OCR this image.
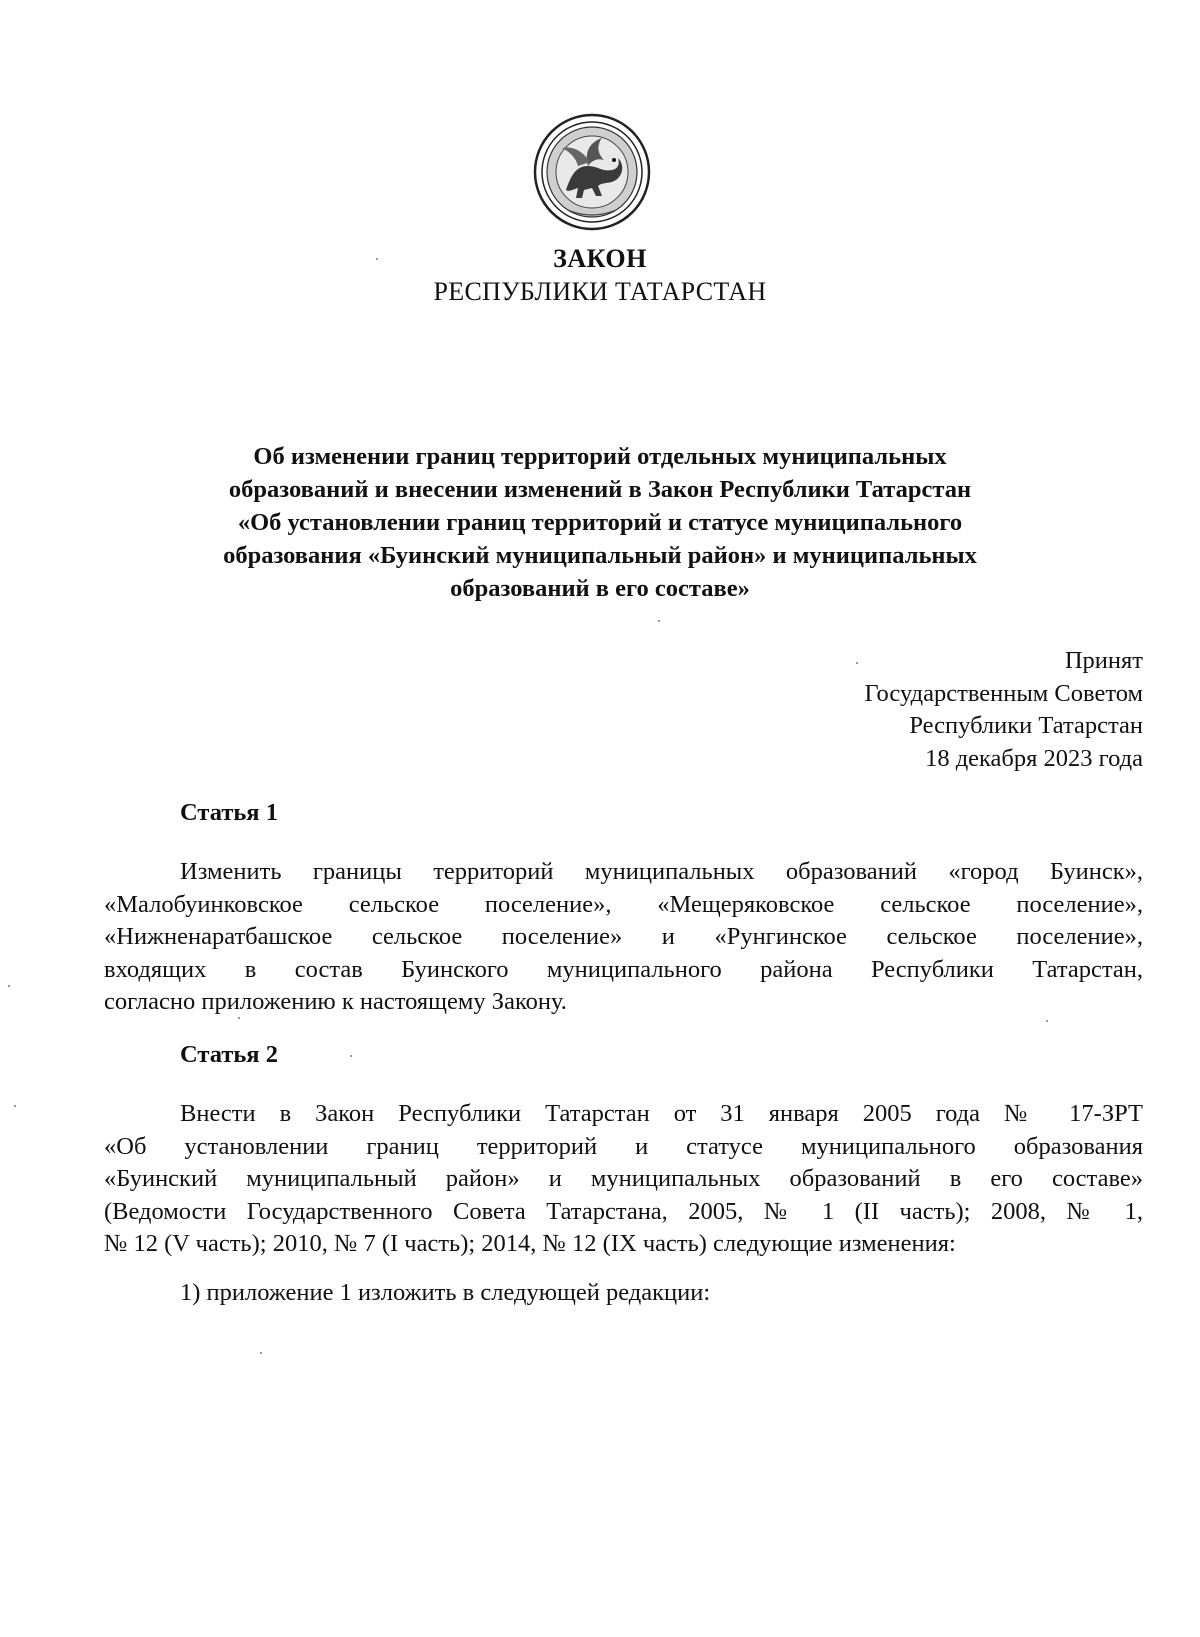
ЗАКОН
РЕСПУБЛИКИ ТАТАРСТАН
Об изменении границ территорий отдельных муниципальных
образований и внесении изменений в Закон Республики Татарстан
«Об установлении границ территорий и статусе муниципального
образования «Буинский муниципальный район» и муниципальных
образований в его составе»
Принят
Государственным Советом
Республики Татарстан
18 декабря 2023 года
Статья 1
Изменить границы территорий муниципальных образований «город Буинск»,
«Малобуинковское сельское поселение», «Мещеряковское сельское поселение»,
«Нижненаратбашское сельское поселение» и «Рунгинское сельское поселение»,
входящих в состав Буинского муниципального района Республики Татарстан,
согласно приложению к настоящему Закону.
Статья 2
Внести в Закон Республики Татарстан от 31 января 2005 года № 17-ЗРТ
«Об установлении границ территорий и статусе муниципального образования
«Буинский муниципальный район» и муниципальных образований в его составе»
(Ведомости Государственного Совета Татарстана, 2005, № 1 (II часть); 2008, № 1,
№ 12 (V часть); 2010, № 7 (I часть); 2014, № 12 (IX часть) следующие изменения:
1) приложение 1 изложить в следующей редакции:
